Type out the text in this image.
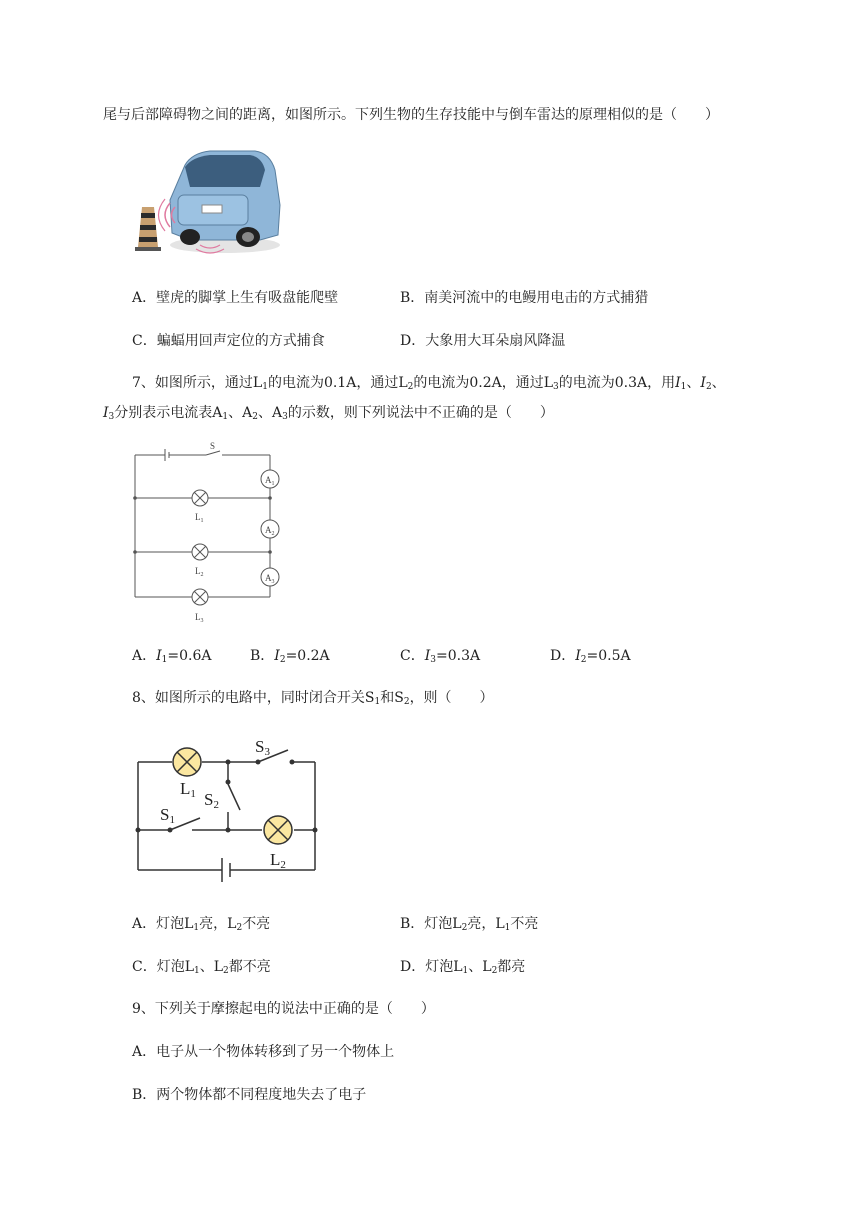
尾与后部障碍物之间的距离，如图所示。下列生物的生存技能中与倒车雷达的原理相似的是（　　）
A．壁虎的脚掌上生有吸盘能爬壁	B．南美河流中的电鳗用电击的方式捕猎
C．蝙蝠用回声定位的方式捕食	D．大象用大耳朵扇风降温
7、如图所示，通过$L_1$的电流为0.1A，通过$L_2$的电流为0.2A，通过$L_3$的电流为0.3A，用$I_1$、$I_2$、
$I_3$分别表示电流表$A_1$、$A_2$、$A_3$的示数，则下列说法中不正确的是（　　）
S
$A_1$
$A_2$
$A_3$
$L_1$
$L_2$
$L_3$
A．$I_1=0.6A$	B．$I_2=0.2A$	C．$I_3=0.3A$	D．$I_2=0.5A$
8、如图所示的电路中，同时闭合开关$S_1$和$S_2$，则（　　）
S3
L1 S2
S1
L2
A．灯泡$L_1$亮，$L_2$不亮	B．灯泡$L_2$亮，$L_1$不亮
C．灯泡$L_1$、$L_2$都不亮	D．灯泡$L_1$、$L_2$都亮
9、下列关于摩擦起电的说法中正确的是（　　）
A．电子从一个物体转移到了另一个物体上
B．两个物体都不同程度地失去了电子
